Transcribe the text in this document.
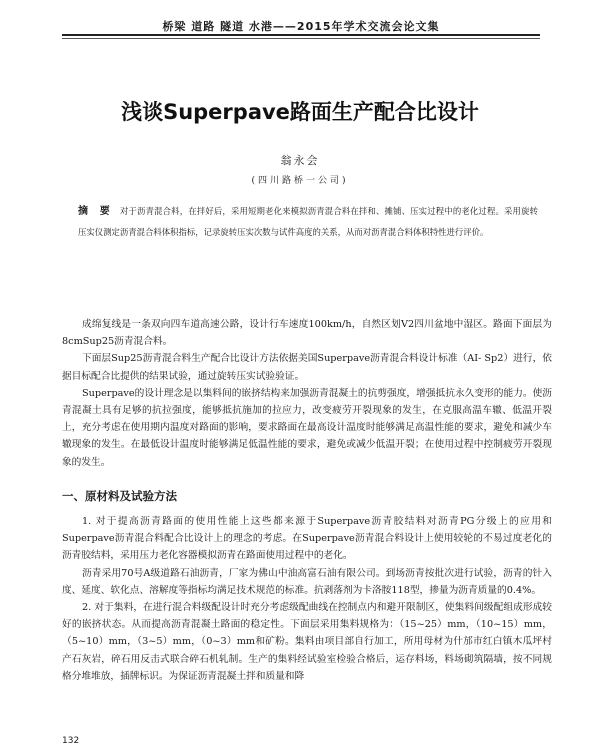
桥梁 道路 隧道 水港——2015年学术交流会论文集
浅谈Superpave路面生产配合比设计
翁永会
(四川路桥一公司)
摘 要 对于沥青混合料，在拌好后，采用短期老化来模拟沥青混合料在拌和、摊铺、压实过程中的老化过程。采用旋转压实仪测定沥青混合料体积指标，记录旋转压实次数与试件高度的关系，从而对沥青混合料体积特性进行评价。

成绵复线是一条双向四车道高速公路，设计行车速度100km/h，自然区划V2四川盆地中湿区。路面下面层为8cmSup25沥青混合料。

下面层Sup25沥青混合料生产配合比设计方法依据美国Superpave沥青混合料设计标准（AI- Sp2）进行，依据目标配合比提供的结果试验，通过旋转压实试验验证。

Superpave的设计理念是以集料间的嵌挤结构来加强沥青混凝土的抗剪强度，增强抵抗永久变形的能力。使沥青混凝土具有足够的抗拉强度，能够抵抗施加的拉应力，改变疲劳开裂现象的发生，在克服高温车辙、低温开裂上，充分考虑在使用期内温度对路面的影响，要求路面在最高设计温度时能够满足高温性能的要求，避免和减少车辙现象的发生。在最低设计温度时能够满足低温性能的要求，避免或减少低温开裂；在使用过程中控制疲劳开裂现象的发生。

一、原材料及试验方法

1. 对于提高沥青路面的使用性能上这些都来源于Superpave沥青胶结料对沥青PG分级上的应用和Superpave沥青混合料配合比设计上的理念的考虑。在Superpave沥青混合料设计上使用较轮的不易过度老化的沥青胶结料，采用压力老化容器模拟沥青在路面使用过程中的老化。

沥青采用70号A级道路石油沥青，厂家为佛山中油高富石油有限公司。到场沥青按批次进行试验，沥青的针入度、延度、软化点、溶解度等指标均满足技术规范的标准。抗剥落剂为卡洛胺118型，掺量为沥青质量的0.4%。

2. 对于集料，在进行混合料级配设计时充分考虑级配曲线在控制点内和避开限制区，使集料间级配组成形成较好的嵌挤状态。从而提高沥青混凝土路面的稳定性。下面层采用集料规格为：（15~25）mm，（10~15）mm，（5~10）mm，（3~5）mm，（0~3）mm和矿粉。集料由项目部自行加工，所用母材为什邡市红白镇木瓜坪村产石灰岩，碎石用反击式联合碎石机轧制。生产的集料经试验室检验合格后，运存料场，料场砌筑隔墙，按不同规格分堆堆放，插牌标识。为保证沥青混凝土拌和质量和降

132
